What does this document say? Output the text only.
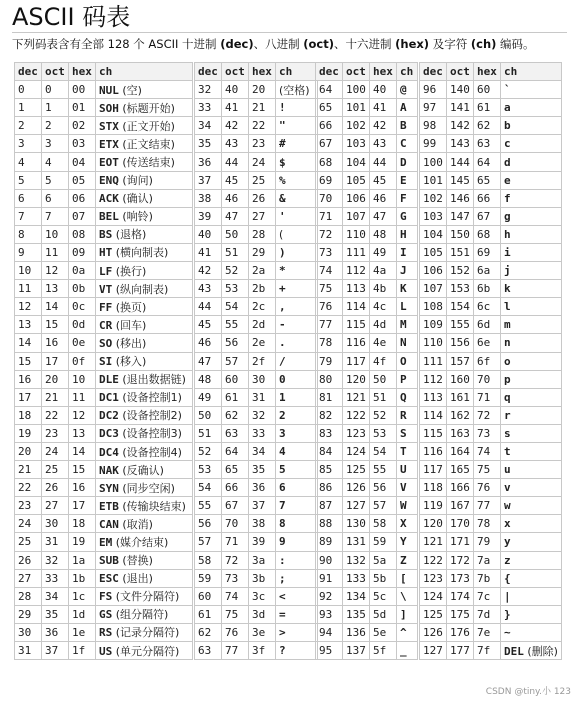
ASCII 码表
下列码表含有全部 128 个 ASCII 十进制 (dec)、八进制 (oct)、十六进制 (hex) 及字符 (ch) 编码。
dec	oct	hex	ch
0	0	00	NUL (空)
1	1	01	SOH (标题开始)
2	2	02	STX (正文开始)
3	3	03	ETX (正文结束)
4	4	04	EOT (传送结束)
5	5	05	ENQ (询问)
6	6	06	ACK (确认)
7	7	07	BEL (响铃)
8	10	08	BS (退格)
9	11	09	HT (横向制表)
10	12	0a	LF (换行)
11	13	0b	VT (纵向制表)
12	14	0c	FF (换页)
13	15	0d	CR (回车)
14	16	0e	SO (移出)
15	17	0f	SI (移入)
16	20	10	DLE (退出数据链)
17	21	11	DC1 (设备控制1)
18	22	12	DC2 (设备控制2)
19	23	13	DC3 (设备控制3)
20	24	14	DC4 (设备控制4)
21	25	15	NAK (反确认)
22	26	16	SYN (同步空闲)
23	27	17	ETB (传输块结束)
24	30	18	CAN (取消)
25	31	19	EM (媒介结束)
26	32	1a	SUB (替换)
27	33	1b	ESC (退出)
28	34	1c	FS (文件分隔符)
29	35	1d	GS (组分隔符)
30	36	1e	RS (记录分隔符)
31	37	1f	US (单元分隔符)
dec	oct	hex	ch
32	40	20	(空格)
33	41	21	!
34	42	22	"
35	43	23	#
36	44	24	$
37	45	25	%
38	46	26	&
39	47	27	'
40	50	28	(
41	51	29	)
42	52	2a	*
43	53	2b	+
44	54	2c	,
45	55	2d	-
46	56	2e	.
47	57	2f	/
48	60	30	0
49	61	31	1
50	62	32	2
51	63	33	3
52	64	34	4
53	65	35	5
54	66	36	6
55	67	37	7
56	70	38	8
57	71	39	9
58	72	3a	:
59	73	3b	;
60	74	3c	<
61	75	3d	=
62	76	3e	>
63	77	3f	?
dec	oct	hex	ch
64	100	40	@
65	101	41	A
66	102	42	B
67	103	43	C
68	104	44	D
69	105	45	E
70	106	46	F
71	107	47	G
72	110	48	H
73	111	49	I
74	112	4a	J
75	113	4b	K
76	114	4c	L
77	115	4d	M
78	116	4e	N
79	117	4f	O
80	120	50	P
81	121	51	Q
82	122	52	R
83	123	53	S
84	124	54	T
85	125	55	U
86	126	56	V
87	127	57	W
88	130	58	X
89	131	59	Y
90	132	5a	Z
91	133	5b	[
92	134	5c	\
93	135	5d	]
94	136	5e	^
95	137	5f	_
dec	oct	hex	ch
96	140	60	`
97	141	61	a
98	142	62	b
99	143	63	c
100	144	64	d
101	145	65	e
102	146	66	f
103	147	67	g
104	150	68	h
105	151	69	i
106	152	6a	j
107	153	6b	k
108	154	6c	l
109	155	6d	m
110	156	6e	n
111	157	6f	o
112	160	70	p
113	161	71	q
114	162	72	r
115	163	73	s
116	164	74	t
117	165	75	u
118	166	76	v
119	167	77	w
120	170	78	x
121	171	79	y
122	172	7a	z
123	173	7b	{
124	174	7c	|
125	175	7d	}
126	176	7e	~
127	177	7f	DEL (删除)
CSDN @tiny.小 123
